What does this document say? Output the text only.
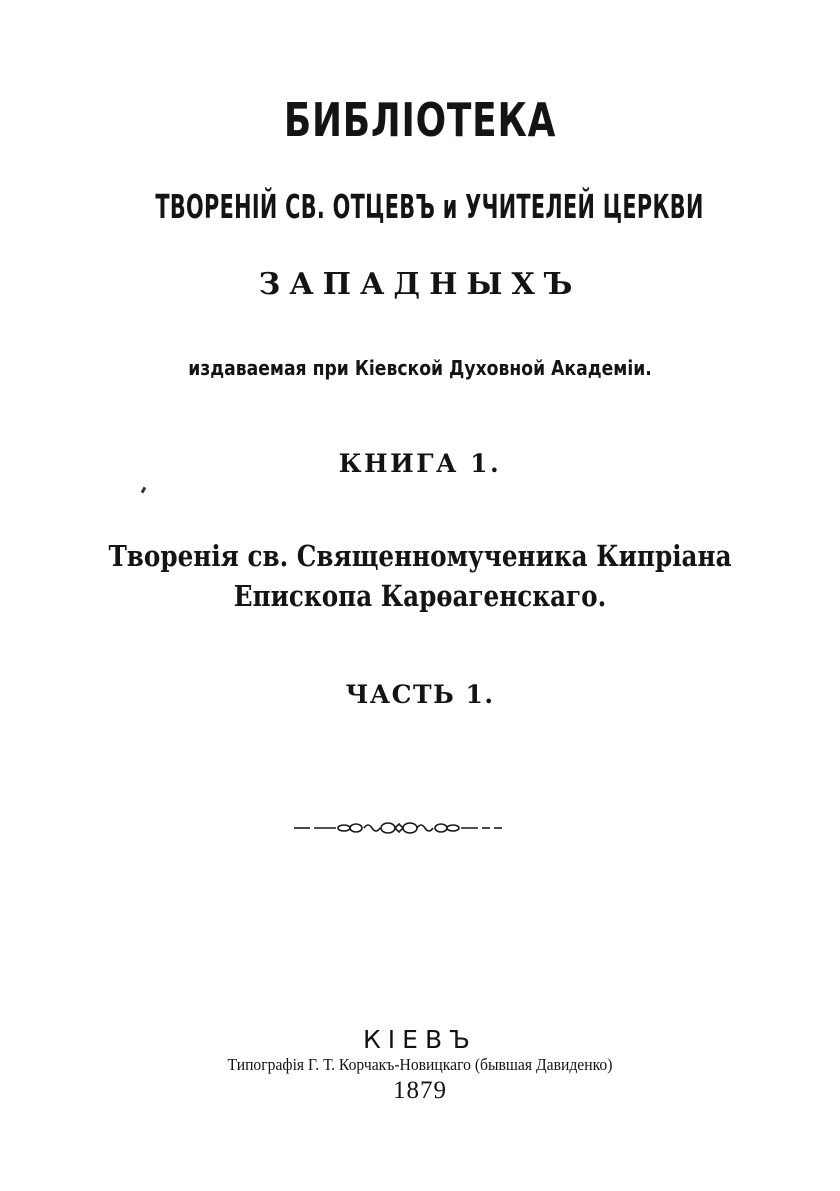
БИБЛІОТЕКА
ТВОРЕНІЙ СВ. ОТЦЕВЪ и УЧИТЕЛЕЙ ЦЕРКВИ
ЗАПАДНЫХЪ
издаваемая при Кіевской Духовной Академіи.
КНИГА 1.
Творенія св. Священномученика Кипріана
Епископа Карѳагенскаго.
ЧАСТЬ 1.
КІЕВЪ
Типографія Г. Т. Корчакъ-Новицкаго (бывшая Давиденко)
1879
